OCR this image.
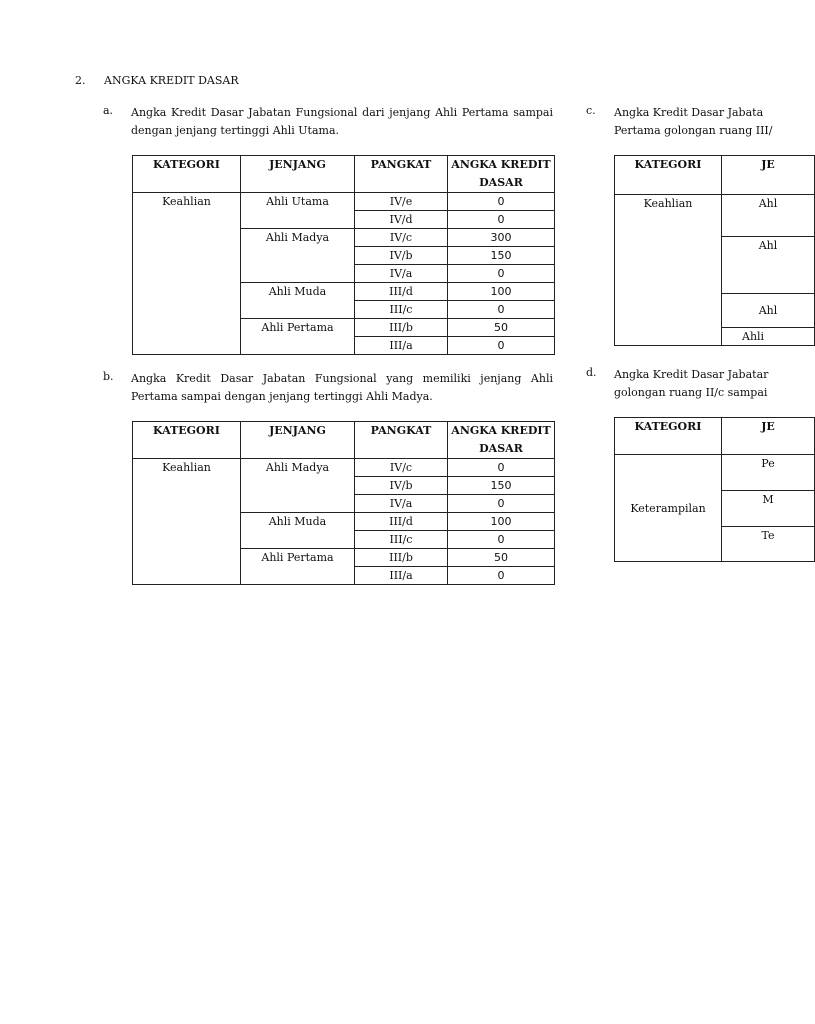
2. ANGKA KREDIT DASAR
a. Angka Kredit Dasar Jabatan Fungsional dari jenjang Ahli Pertama sampai dengan jenjang tertinggi Ahli Utama.
KATEGORI	JENJANG	PANGKAT	ANGKA KREDIT DASAR
Keahlian	Ahli Utama	IV/e	0
		IV/d	0
	Ahli Madya	IV/c	300
		IV/b	150
		IV/a	0
	Ahli Muda	III/d	100
		III/c	0
	Ahli Pertama	III/b	50
		III/a	0
b. Angka Kredit Dasar Jabatan Fungsional yang memiliki jenjang Ahli Pertama sampai dengan jenjang tertinggi Ahli Madya.
KATEGORI	JENJANG	PANGKAT	ANGKA KREDIT DASAR
Keahlian	Ahli Madya	IV/c	0
		IV/b	150
		IV/a	0
	Ahli Muda	III/d	100
		III/c	0
	Ahli Pertama	III/b	50
		III/a	0
c. Angka Kredit Dasar Jabata
Pertama golongan ruang III/
KATEGORI	JE
Keahlian	Ahl
	Ahl
	Ahl
	Ahli
d. Angka Kredit Dasar Jabatar
golongan ruang II/c sampai
KATEGORI	JE
Keterampilan	Pe
	M
	Te
